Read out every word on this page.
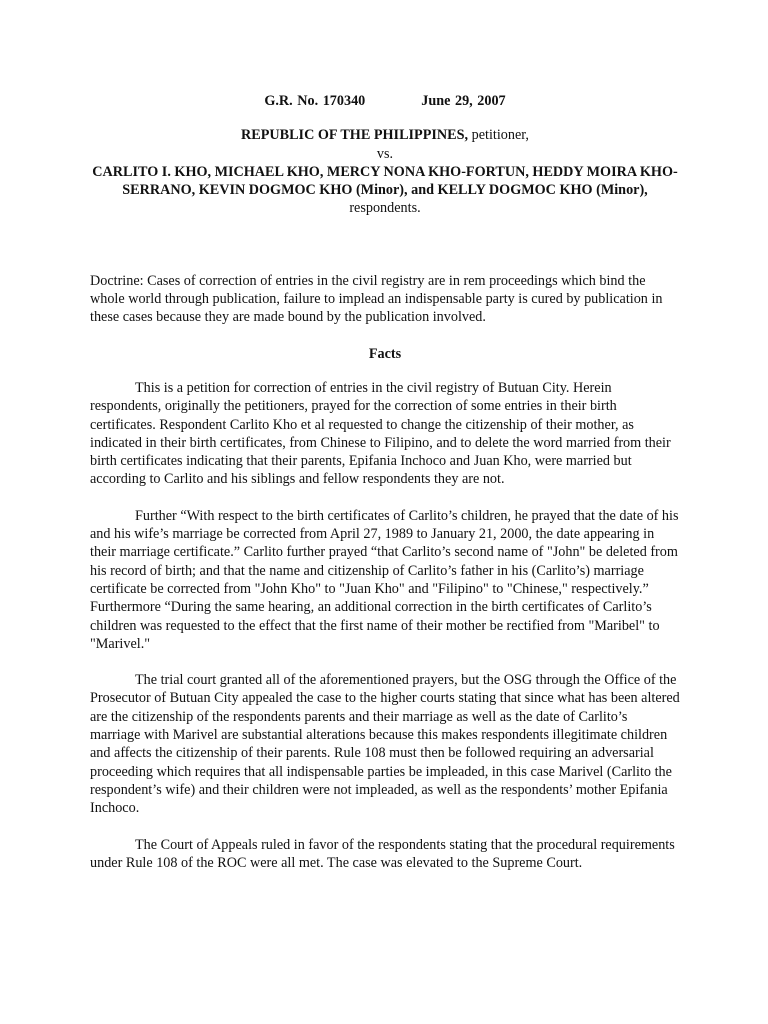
G.R. No. 170340	June 29, 2007

REPUBLIC OF THE PHILIPPINES, petitioner,

vs.

CARLITO I. KHO, MICHAEL KHO, MERCY NONA KHO-FORTUN, HEDDY MOIRA KHO-SERRANO, KEVIN DOGMOC KHO (Minor), and KELLY DOGMOC KHO (Minor), respondents.

Doctrine: Cases of correction of entries in the civil registry are in rem proceedings which bind the whole world through publication, failure to implead an indispensable party is cured by publication in these cases because they are made bound by the publication involved.

Facts

This is a petition for correction of entries in the civil registry of Butuan City. Herein respondents, originally the petitioners, prayed for the correction of some entries in their birth certificates. Respondent Carlito Kho et al requested to change the citizenship of their mother, as indicated in their birth certificates, from Chinese to Filipino, and to delete the word married from their birth certificates indicating that their parents, Epifania Inchoco and Juan Kho, were married but according to Carlito and his siblings and fellow respondents they are not.

Further “With respect to the birth certificates of Carlito’s children, he prayed that the date of his and his wife’s marriage be corrected from April 27, 1989 to January 21, 2000, the date appearing in their marriage certificate.” Carlito further prayed “that Carlito’s second name of "John" be deleted from his record of birth; and that the name and citizenship of Carlito’s father in his (Carlito’s) marriage certificate be corrected from "John Kho" to "Juan Kho" and "Filipino" to "Chinese," respectively.” Furthermore “During the same hearing, an additional correction in the birth certificates of Carlito’s children was requested to the effect that the first name of their mother be rectified from "Maribel" to "Marivel."

The trial court granted all of the aforementioned prayers, but the OSG through the Office of the Prosecutor of Butuan City appealed the case to the higher courts stating that since what has been altered are the citizenship of the respondents parents and their marriage as well as the date of Carlito’s marriage with Marivel are substantial alterations because this makes respondents illegitimate children and affects the citizenship of their parents. Rule 108 must then be followed requiring an adversarial proceeding which requires that all indispensable parties be impleaded, in this case Marivel (Carlito the respondent’s wife) and their children were not impleaded, as well as the respondents’ mother Epifania Inchoco.

The Court of Appeals ruled in favor of the respondents stating that the procedural requirements under Rule 108 of the ROC were all met. The case was elevated to the Supreme Court.
